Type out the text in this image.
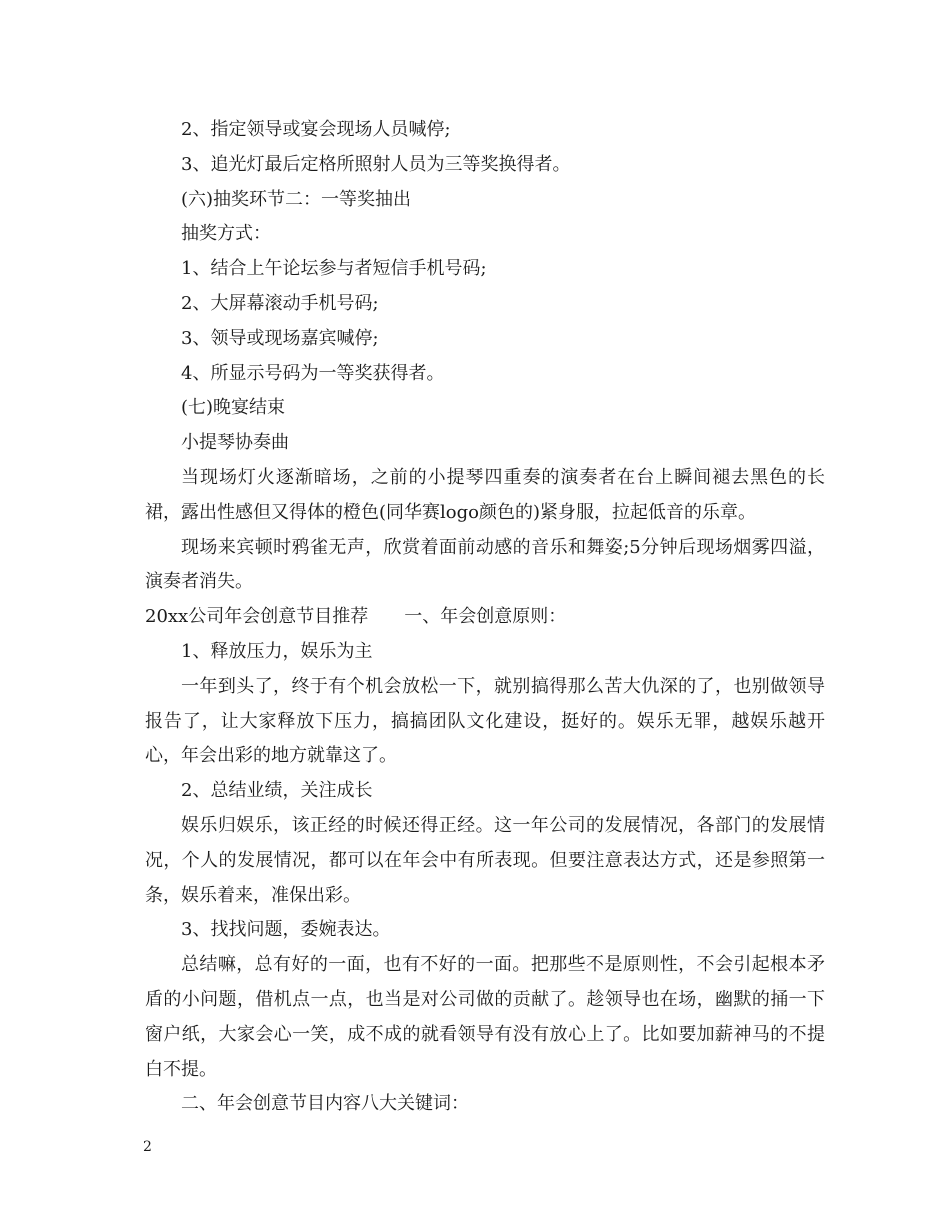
2、指定领导或宴会现场人员喊停;

3、追光灯最后定格所照射人员为三等奖换得者。

(六)抽奖环节二：一等奖抽出

抽奖方式：

1、结合上午论坛参与者短信手机号码;

2、大屏幕滚动手机号码;

3、领导或现场嘉宾喊停;

4、所显示号码为一等奖获得者。

(七)晚宴结束

小提琴协奏曲

当现场灯火逐渐暗场，之前的小提琴四重奏的演奏者在台上瞬间褪去黑色的长裙，露出性感但又得体的橙色(同华赛logo颜色的)紧身服，拉起低音的乐章。

现场来宾顿时鸦雀无声，欣赏着面前动感的音乐和舞姿;5分钟后现场烟雾四溢，演奏者消失。

20xx公司年会创意节目推荐　　一、年会创意原则：

1、释放压力，娱乐为主

一年到头了，终于有个机会放松一下，就别搞得那么苦大仇深的了，也别做领导报告了，让大家释放下压力，搞搞团队文化建设，挺好的。娱乐无罪，越娱乐越开心，年会出彩的地方就靠这了。

2、总结业绩，关注成长

娱乐归娱乐，该正经的时候还得正经。这一年公司的发展情况，各部门的发展情况，个人的发展情况，都可以在年会中有所表现。但要注意表达方式，还是参照第一条，娱乐着来，准保出彩。

3、找找问题，委婉表达。

总结嘛，总有好的一面，也有不好的一面。把那些不是原则性，不会引起根本矛盾的小问题，借机点一点，也当是对公司做的贡献了。趁领导也在场，幽默的捅一下窗户纸，大家会心一笑，成不成的就看领导有没有放心上了。比如要加薪神马的不提白不提。

二、年会创意节目内容八大关键词：

2
